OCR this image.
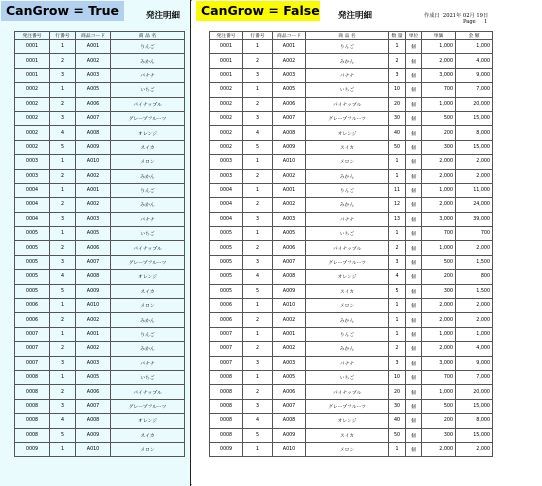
CanGrow = True	発注明細
発注番号	行番号	商品コード	商 品 名
0001	1	A001	りんご
0001	2	A002	みかん
0001	3	A003	バナナ
0002	1	A005	いちご
0002	2	A006	パイナップル
0002	3	A007	グレープフルーツ
0002	4	A008	オレンジ
0002	5	A009	スイカ
0003	1	A010	メロン
0003	2	A002	みかん
0004	1	A001	りんご
0004	2	A002	みかん
0004	3	A003	バナナ
0005	1	A005	いちご
0005	2	A006	パイナップル
0005	3	A007	グレープフルーツ
0005	4	A008	オレンジ
0005	5	A009	スイカ
0006	1	A010	メロン
0006	2	A002	みかん
0007	1	A001	りんご
0007	2	A002	みかん
0007	3	A003	バナナ
0008	1	A005	いちご
0008	2	A006	パイナップル
0008	3	A007	グレープフルーツ
0008	4	A008	オレンジ
0008	5	A009	スイカ
0009	1	A010	メロン
CanGrow = False 発注明細	作成日 2021年 02月 19日
Page 1
発注番号	行番号	商品コード	商 品 名	数 量	単位	単価	金 額
0001	1	A001	りんご	1	個	1,000	1,000
0001	2	A002	みかん	2	個	2,000	4,000
0001	3	A003	バナナ	3	個	3,000	9,000
0002	1	A005	いちご	10	個	700	7,000
0002	2	A006	パイナップル	20	個	1,000	20,000
0002	3	A007	グレープフルーツ	30	個	500	15,000
0002	4	A008	オレンジ	40	個	200	8,000
0002	5	A009	スイカ	50	個	300	15,000
0003	1	A010	メロン	1	個	2,000	2,000
0003	2	A002	みかん	1	個	2,000	2,000
0004	1	A001	りんご	11	個	1,000	11,000
0004	2	A002	みかん	12	個	2,000	24,000
0004	3	A003	バナナ	13	個	3,000	39,000
0005	1	A005	いちご	1	個	700	700
0005	2	A006	パイナップル	2	個	1,000	2,000
0005	3	A007	グレープフルーツ	3	個	500	1,500
0005	4	A008	オレンジ	4	個	200	800
0005	5	A009	スイカ	5	個	300	1,500
0006	1	A010	メロン	1	個	2,000	2,000
0006	2	A002	みかん	1	個	2,000	2,000
0007	1	A001	りんご	1	個	1,000	1,000
0007	2	A002	みかん	2	個	2,000	4,000
0007	3	A003	バナナ	3	個	3,000	9,000
0008	1	A005	いちご	10	個	700	7,000
0008	2	A006	パイナップル	20	個	1,000	20,000
0008	3	A007	グレープフルーツ	30	個	500	15,000
0008	4	A008	オレンジ	40	個	200	8,000
0008	5	A009	スイカ	50	個	300	15,000
0009	1	A010	メロン	1	個	2,000	2,000
